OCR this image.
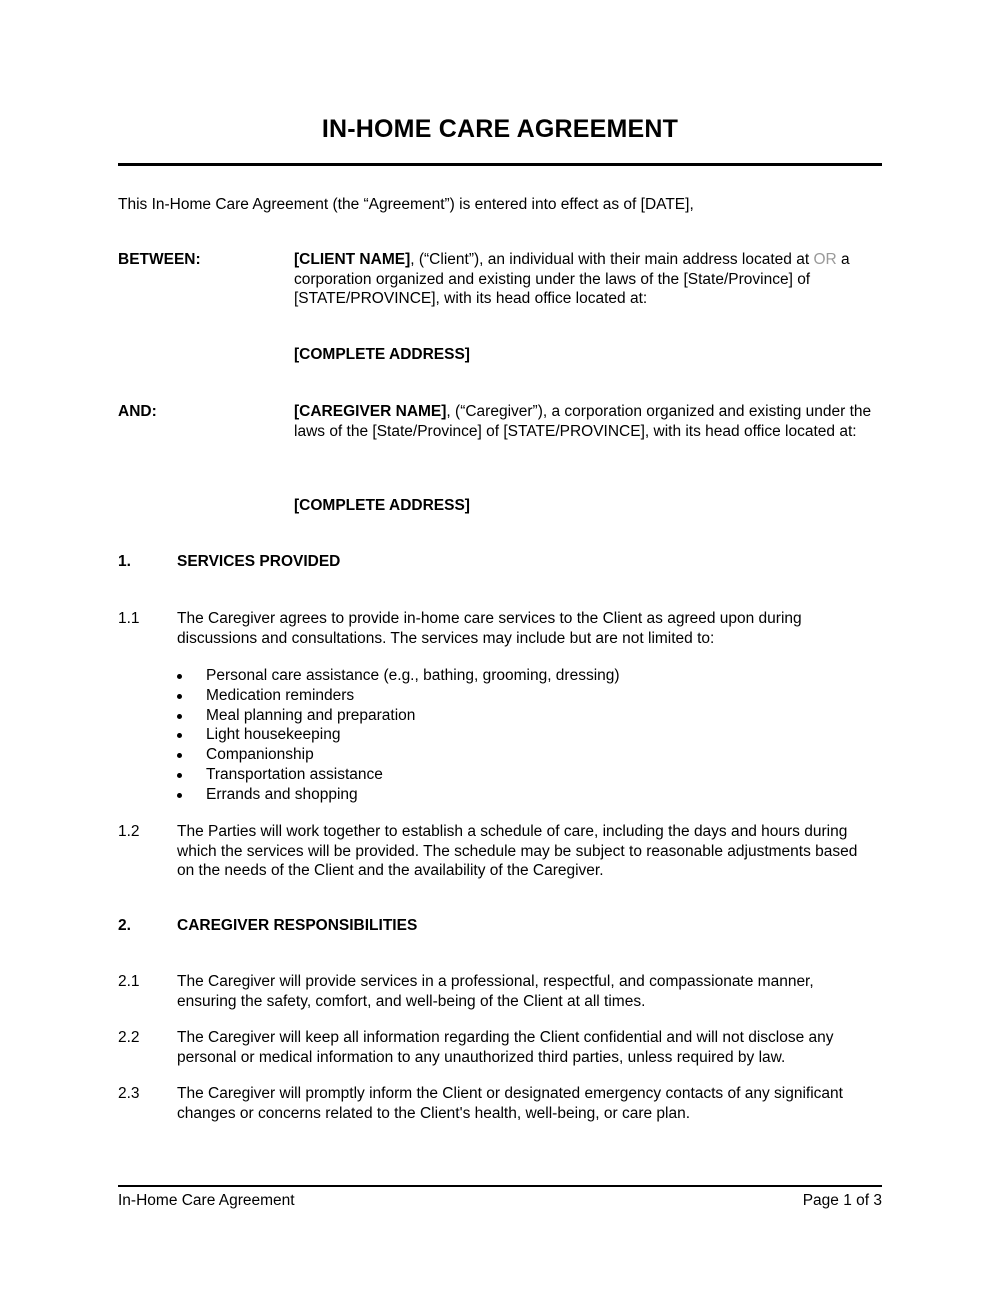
IN-HOME CARE AGREEMENT
This In-Home Care Agreement (the “Agreement”) is entered into effect as of [DATE],
BETWEEN:	[CLIENT NAME], (“Client”), an individual with their main address located at OR a corporation organized and existing under the laws of the [State/Province] of [STATE/PROVINCE], with its head office located at:
[COMPLETE ADDRESS]
AND:	[CAREGIVER NAME], (“Caregiver”), a corporation organized and existing under the laws of the [State/Province] of [STATE/PROVINCE], with its head office located at:
[COMPLETE ADDRESS]
1.	SERVICES PROVIDED
1.1 The Caregiver agrees to provide in-home care services to the Client as agreed upon during discussions and consultations. The services may include but are not limited to:
Personal care assistance (e.g., bathing, grooming, dressing)
Medication reminders
Meal planning and preparation
Light housekeeping
Companionship
Transportation assistance
Errands and shopping
1.2 The Parties will work together to establish a schedule of care, including the days and hours during which the services will be provided. The schedule may be subject to reasonable adjustments based on the needs of the Client and the availability of the Caregiver.
2.	CAREGIVER RESPONSIBILITIES
2.1 The Caregiver will provide services in a professional, respectful, and compassionate manner, ensuring the safety, comfort, and well-being of the Client at all times.
2.2 The Caregiver will keep all information regarding the Client confidential and will not disclose any personal or medical information to any unauthorized third parties, unless required by law.
2.3 The Caregiver will promptly inform the Client or designated emergency contacts of any significant changes or concerns related to the Client's health, well-being, or care plan.
In-Home Care Agreement	Page 1 of 3
